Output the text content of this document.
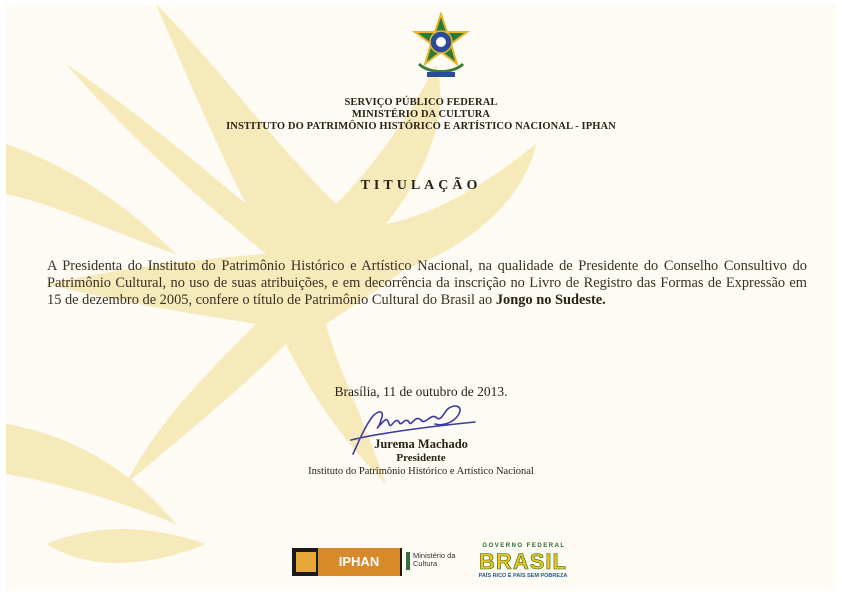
SERVIÇO PÚBLICO FEDERAL
MINISTÉRIO DA CULTURA
INSTITUTO DO PATRIMÔNIO HISTÓRICO E ARTÍSTICO NACIONAL - IPHAN
TITULAÇÃO
A Presidenta do Instituto do Patrimônio Histórico e Artístico Nacional, na qualidade de Presidente do Conselho Consultivo do Patrimônio Cultural, no uso de suas atribuições, e em decorrência da inscrição no Livro de Registro das Formas de Expressão em 15 de dezembro de 2005, confere o título de Patrimônio Cultural do Brasil ao Jongo no Sudeste.
Brasília, 11 de outubro de 2013.
Jurema Machado
Presidente
Instituto do Patrimônio Histórico e Artístico Nacional
IPHAN	Ministério da
Cultura
GOVERNO FEDERAL
BRASIL
PAÍS RICO É PAÍS SEM POBREZA
